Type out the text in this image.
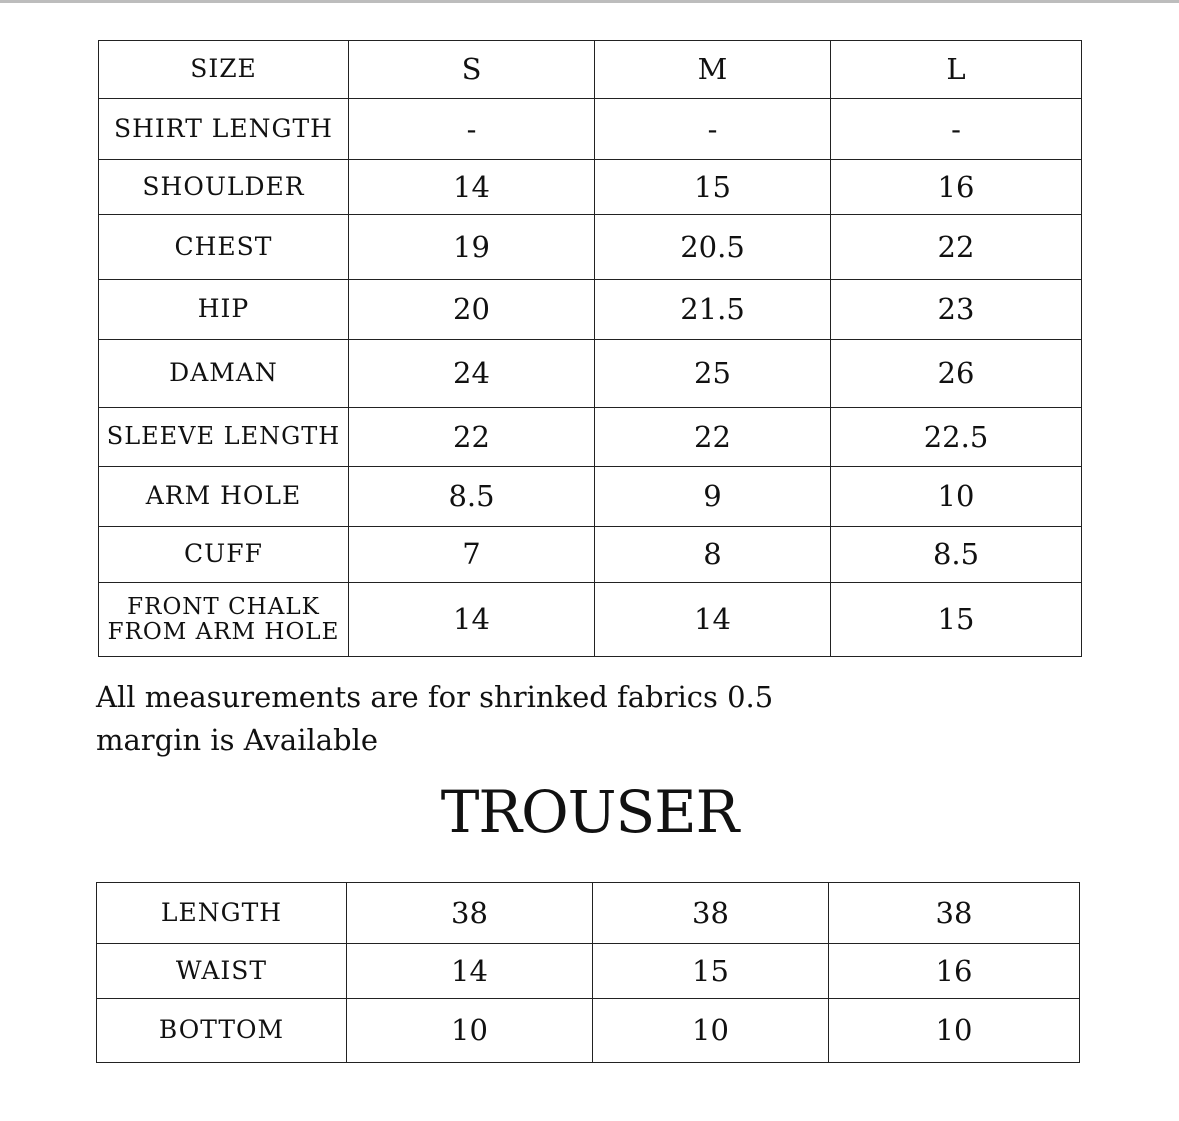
SIZE	S	M	L
SHIRT LENGTH	-	-	-
SHOULDER	14	15	16
CHEST	19	20.5	22
HIP	20	21.5	23
DAMAN	24	25	26
SLEEVE LENGTH	22	22	22.5
ARM HOLE	8.5	9	10
CUFF	7	8	8.5

FRONT CHALK
FROM ARM HOLE	14	14	15
All measurements are for shrinked fabrics 0.5
margin is Available
TROUSER
LENGTH	38	38	38
WAIST	14	15	16
BOTTOM	10	10	10
